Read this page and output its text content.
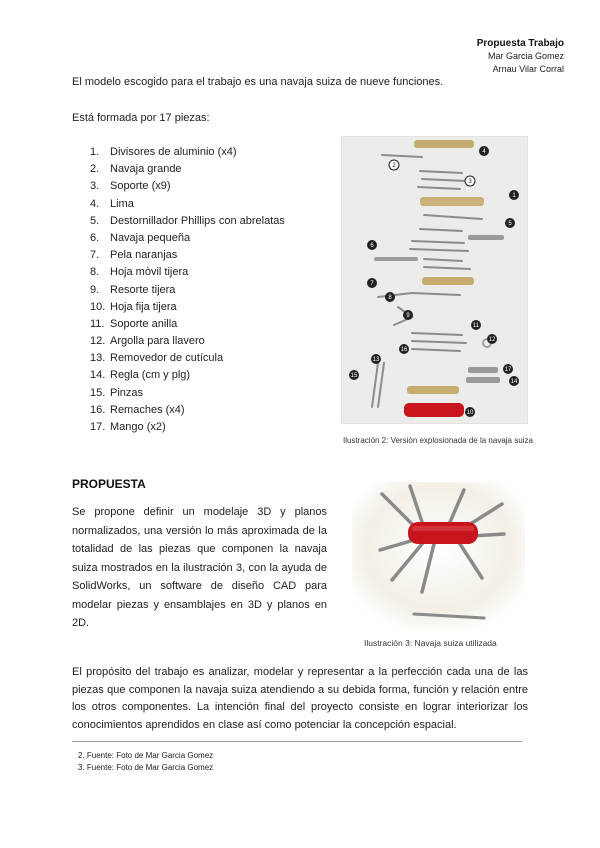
Propuesta Trabajo
Mar Garcia Gomez
Arnau Vilar Corral
El modelo escogido para el trabajo es una navaja suiza de nueve funciones.
Está formada por 17 piezas:
1. Divisores de aluminio (x4)
2. Navaja grande
3. Soporte (x9)
4. Lima
5. Destornillador Phillips con abrelatas
6. Navaja pequeña
7. Pela naranjas
8. Hoja mòvil tijera
9. Resorte tijera
10. Hoja fija tijera
11. Soporte anilla
12. Argolla para llavero
13. Removedor de cutícula
14. Regla (cm y plg)
15. Pinzas
16. Remaches (x4)
17. Mango (x2)
4
2
3
1
5
6
7
8
9
11
12
16
13
17
15
14
10
Ilustración 2: Versión explosionada de la navaja suiza
PROPUESTA
Se propone definir un modelaje 3D y planos normalizados, una versión lo más aproximada de la totalidad de las piezas que componen la navaja suiza mostrados en la ilustración 3, con la ayuda de SolidWorks, un software de diseño CAD para modelar piezas y ensamblajes en 3D y planos en 2D.
Ilustración 3: Navaja suiza utilizada
El propósito del trabajo es analizar, modelar y representar a la perfección cada una de las piezas que componen la navaja suiza atendiendo a su debida forma, función y relación entre los otros componentes. La intención final del proyecto consiste en lograr interiorizar los conocimientos aprendidos en clase así como potenciar la concepción espacial.
2. Fuente: Foto de Mar Garcia Gomez
3. Fuente: Foto de Mar Garcia Gomez
